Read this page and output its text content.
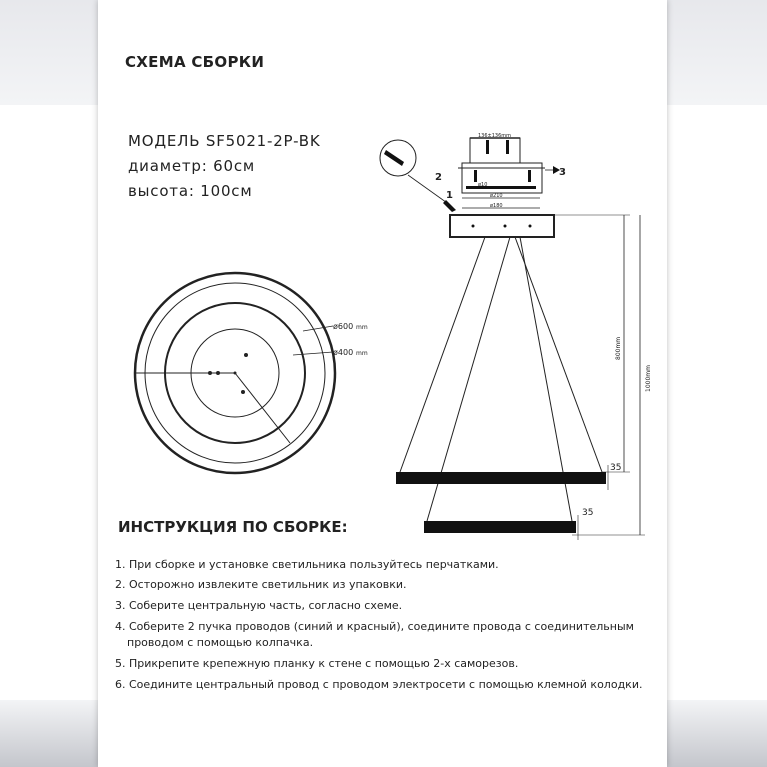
СХЕМА СБОРКИ
МОДЕЛЬ SF5021-2P-BK
диаметр: 60см
высота: 100см
ø600 mm
ø400 mm
136±136mm
2	3
1
ø10
ø210
ø180
800mm
1000mm
35
35
ИНСТРУКЦИЯ ПО СБОРКЕ:
1. При сборке и установке светильника пользуйтесь перчатками.
2. Осторожно извлеките светильник из упаковки.
3. Соберите центральную часть, согласно схеме.
4. Соберите 2 пучка проводов (синий и красный), соедините провода с соединительным
проводом с помощью колпачка.
5. Прикрепите крепежную планку к стене с помощью 2-х саморезов.
6. Соедините центральный провод с проводом электросети с помощью клемной колодки.
СЕМЬОГНЕЙ
